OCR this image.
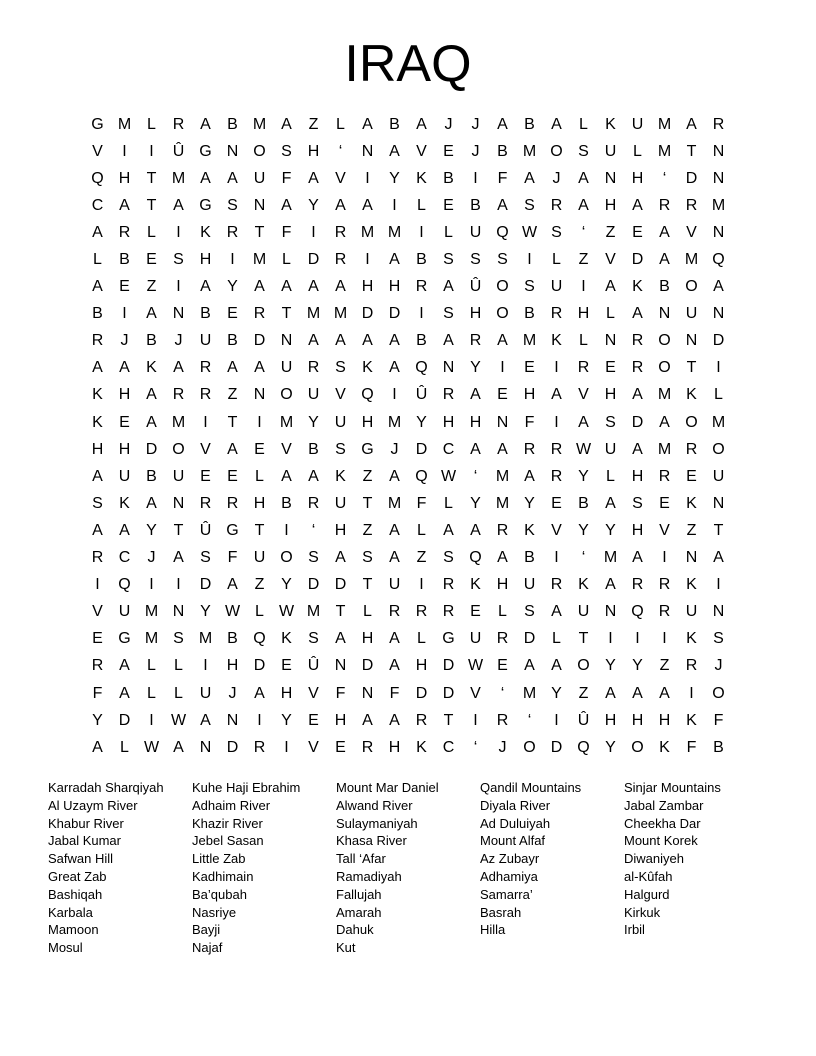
IRAQ
G M L	R A	B M A	Z	L	A	B	A	J	J	A	B	A	L	K U M A R
V	I	I	Û G N O S H	‘	N A	V	E	J	B M O S U	L M T	N
Q H	T M A	A U	F	A	V	I	Y	K	B	I	F	A	J	A N H	‘	D N
C A	T	A G S N A	Y	A	A	I	L	E	B	A	S R A H A R R M
A R	L	I	K R	T	F	I	R M M	I	L	U Q W S	‘	Z	E	A	V N
L	B	E	S H	I	M L	D R	I	A	B	S	S	S	I	L	Z	V D A M Q
A	E	Z	I	A	Y	A	A	A	A H H R A Û O S U	I	A	K	B O A
B	I	A N B	E R	T M M D D	I	S H O B R H	L	A N U N
R	J	B	J	U B D N A	A	A	A	B	A R A M K	L	N R O N D
A	A	K	A R A	A U R S	K	A Q N Y	I	E	I	R E R O T	I
K H A R R	Z	N O U V Q	I	Û R A	E H A	V H A M K	L
K	E	A M	I	T	I	M Y U H M Y H H N	F	I	A	S D A O M
H H D O V	A	E	V	B	S G	J	D C A	A R R W U A M R O
A U B U E	E	L	A	A	K	Z	A Q W	‘	M A R Y	L	H R E U
S	K	A N R R H B R U	T M F	L	Y M Y	E	B	A	S	E	K N
A	A	Y	T	Û G T	I	‘	H	Z	A	L	A	A R K	V	Y	Y H V	Z	T
R C	J	A	S	F	U O S	A	S	A	Z	S Q A	B	I	‘	M A	I	N A
I	Q	I	I	D A	Z	Y D D	T	U	I	R K H U R K	A R R K	I
V U M N Y W L W M T	L	R R R E	L	S	A U N Q R U N
E G M S M B Q K	S	A H A	L	G U R D	L	T	I	I	I	K	S
R A	L	L	I	H D E Û N D A H D W E	A	A O Y	Y	Z	R	J
F	A	L	L	U	J	A H V	F	N	F	D D V	‘	M Y	Z	A	A	A	I	O
Y D	I	W A N	I	Y	E H A	A R	T	I	R	‘	I	Û H H H K	F
A	L W A N D R	I	V	E R H K C	‘	J	O D Q Y O K	F	B
Karradah Sharqiyah
Al Uzaym River
Khabur River
Jabal Kumar
Safwan Hill
Great Zab
Bashiqah
Karbala
Mamoon
Mosul
Kuhe Haji Ebrahim
Adhaim River
Khazir River
Jebel Sasan
Little Zab
Kadhimain
Ba’qubah
Nasriye
Bayji
Najaf
Mount Mar Daniel
Alwand River
Sulaymaniyah
Khasa River
Tall ‘Afar
Ramadiyah
Fallujah
Amarah
Dahuk
Kut
Qandil Mountains
Diyala River
Ad Duluiyah
Mount Alfaf
Az Zubayr
Adhamiya
Samarra’
Basrah
Hilla
Sinjar Mountains
Jabal Zambar
Cheekha Dar
Mount Korek
Diwaniyeh
al-Kûfah
Halgurd
Kirkuk
Irbil
